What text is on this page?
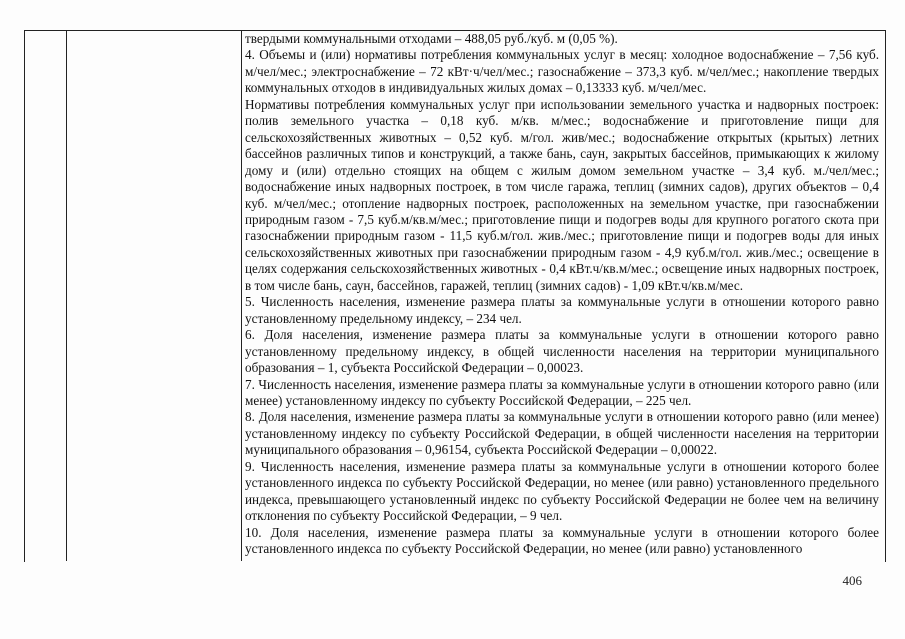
твердыми коммунальными отходами – 488,05 руб./куб. м (0,05 %).

4. Объемы и (или) нормативы потребления коммунальных услуг в месяц: холодное водоснабжение – 7,56 куб. м/чел/мес.; электроснабжение – 72 кВт·ч/чел/мес.; газоснабжение – 373,3 куб. м/чел/мес.; накопление твердых коммунальных отходов в индивидуальных жилых домах – 0,13333 куб. м/чел/мес.

Нормативы потребления коммунальных услуг при использовании земельного участка и надворных построек: полив земельного участка – 0,18 куб. м/кв. м/мес.; водоснабжение и приготовление пищи для сельскохозяйственных животных – 0,52 куб. м/гол. жив/мес.; водоснабжение открытых (крытых) летних бассейнов различных типов и конструкций, а также бань, саун, закрытых бассейнов, примыкающих к жилому дому и (или) отдельно стоящих на общем с жилым домом земельном участке – 3,4 куб. м./чел/мес.; водоснабжение иных надворных построек, в том числе гаража, теплиц (зимних садов), других объектов – 0,4 куб. м/чел/мес.; отопление надворных построек, расположенных на земельном участке, при газоснабжении природным газом - 7,5 куб.м/кв.м/мес.; приготовление пищи и подогрев воды для крупного рогатого скота при газоснабжении природным газом - 11,5 куб.м/гол. жив./мес.; приготовление пищи и подогрев воды для иных сельскохозяйственных животных при газоснабжении природным газом - 4,9 куб.м/гол. жив./мес.; освещение в целях содержания сельскохозяйственных животных - 0,4 кВт.ч/кв.м/мес.; освещение иных надворных построек, в том числе бань, саун, бассейнов, гаражей, теплиц (зимних садов) - 1,09 кВт.ч/кв.м/мес.

5. Численность населения, изменение размера платы за коммунальные услуги в отношении которого равно установленному предельному индексу, – 234 чел.

6. Доля населения, изменение размера платы за коммунальные услуги в отношении которого равно установленному предельному индексу, в общей численности населения на территории муниципального образования – 1, субъекта Российской Федерации – 0,00023.

7. Численность населения, изменение размера платы за коммунальные услуги в отношении которого равно (или менее) установленному индексу по субъекту Российской Федерации, – 225 чел.

8. Доля населения, изменение размера платы за коммунальные услуги в отношении которого равно (или менее) установленному индексу по субъекту Российской Федерации, в общей численности населения на территории муниципального образования – 0,96154, субъекта Российской Федерации – 0,00022.

9. Численность населения, изменение размера платы за коммунальные услуги в отношении которого более установленного индекса по субъекту Российской Федерации, но менее (или равно) установленного предельного индекса, превышающего установленный индекс по субъекту Российской Федерации не более чем на величину отклонения по субъекту Российской Федерации, – 9 чел.

10. Доля населения, изменение размера платы за коммунальные услуги в отношении которого более установленного индекса по субъекту Российской Федерации, но менее (или равно) установленного

406
